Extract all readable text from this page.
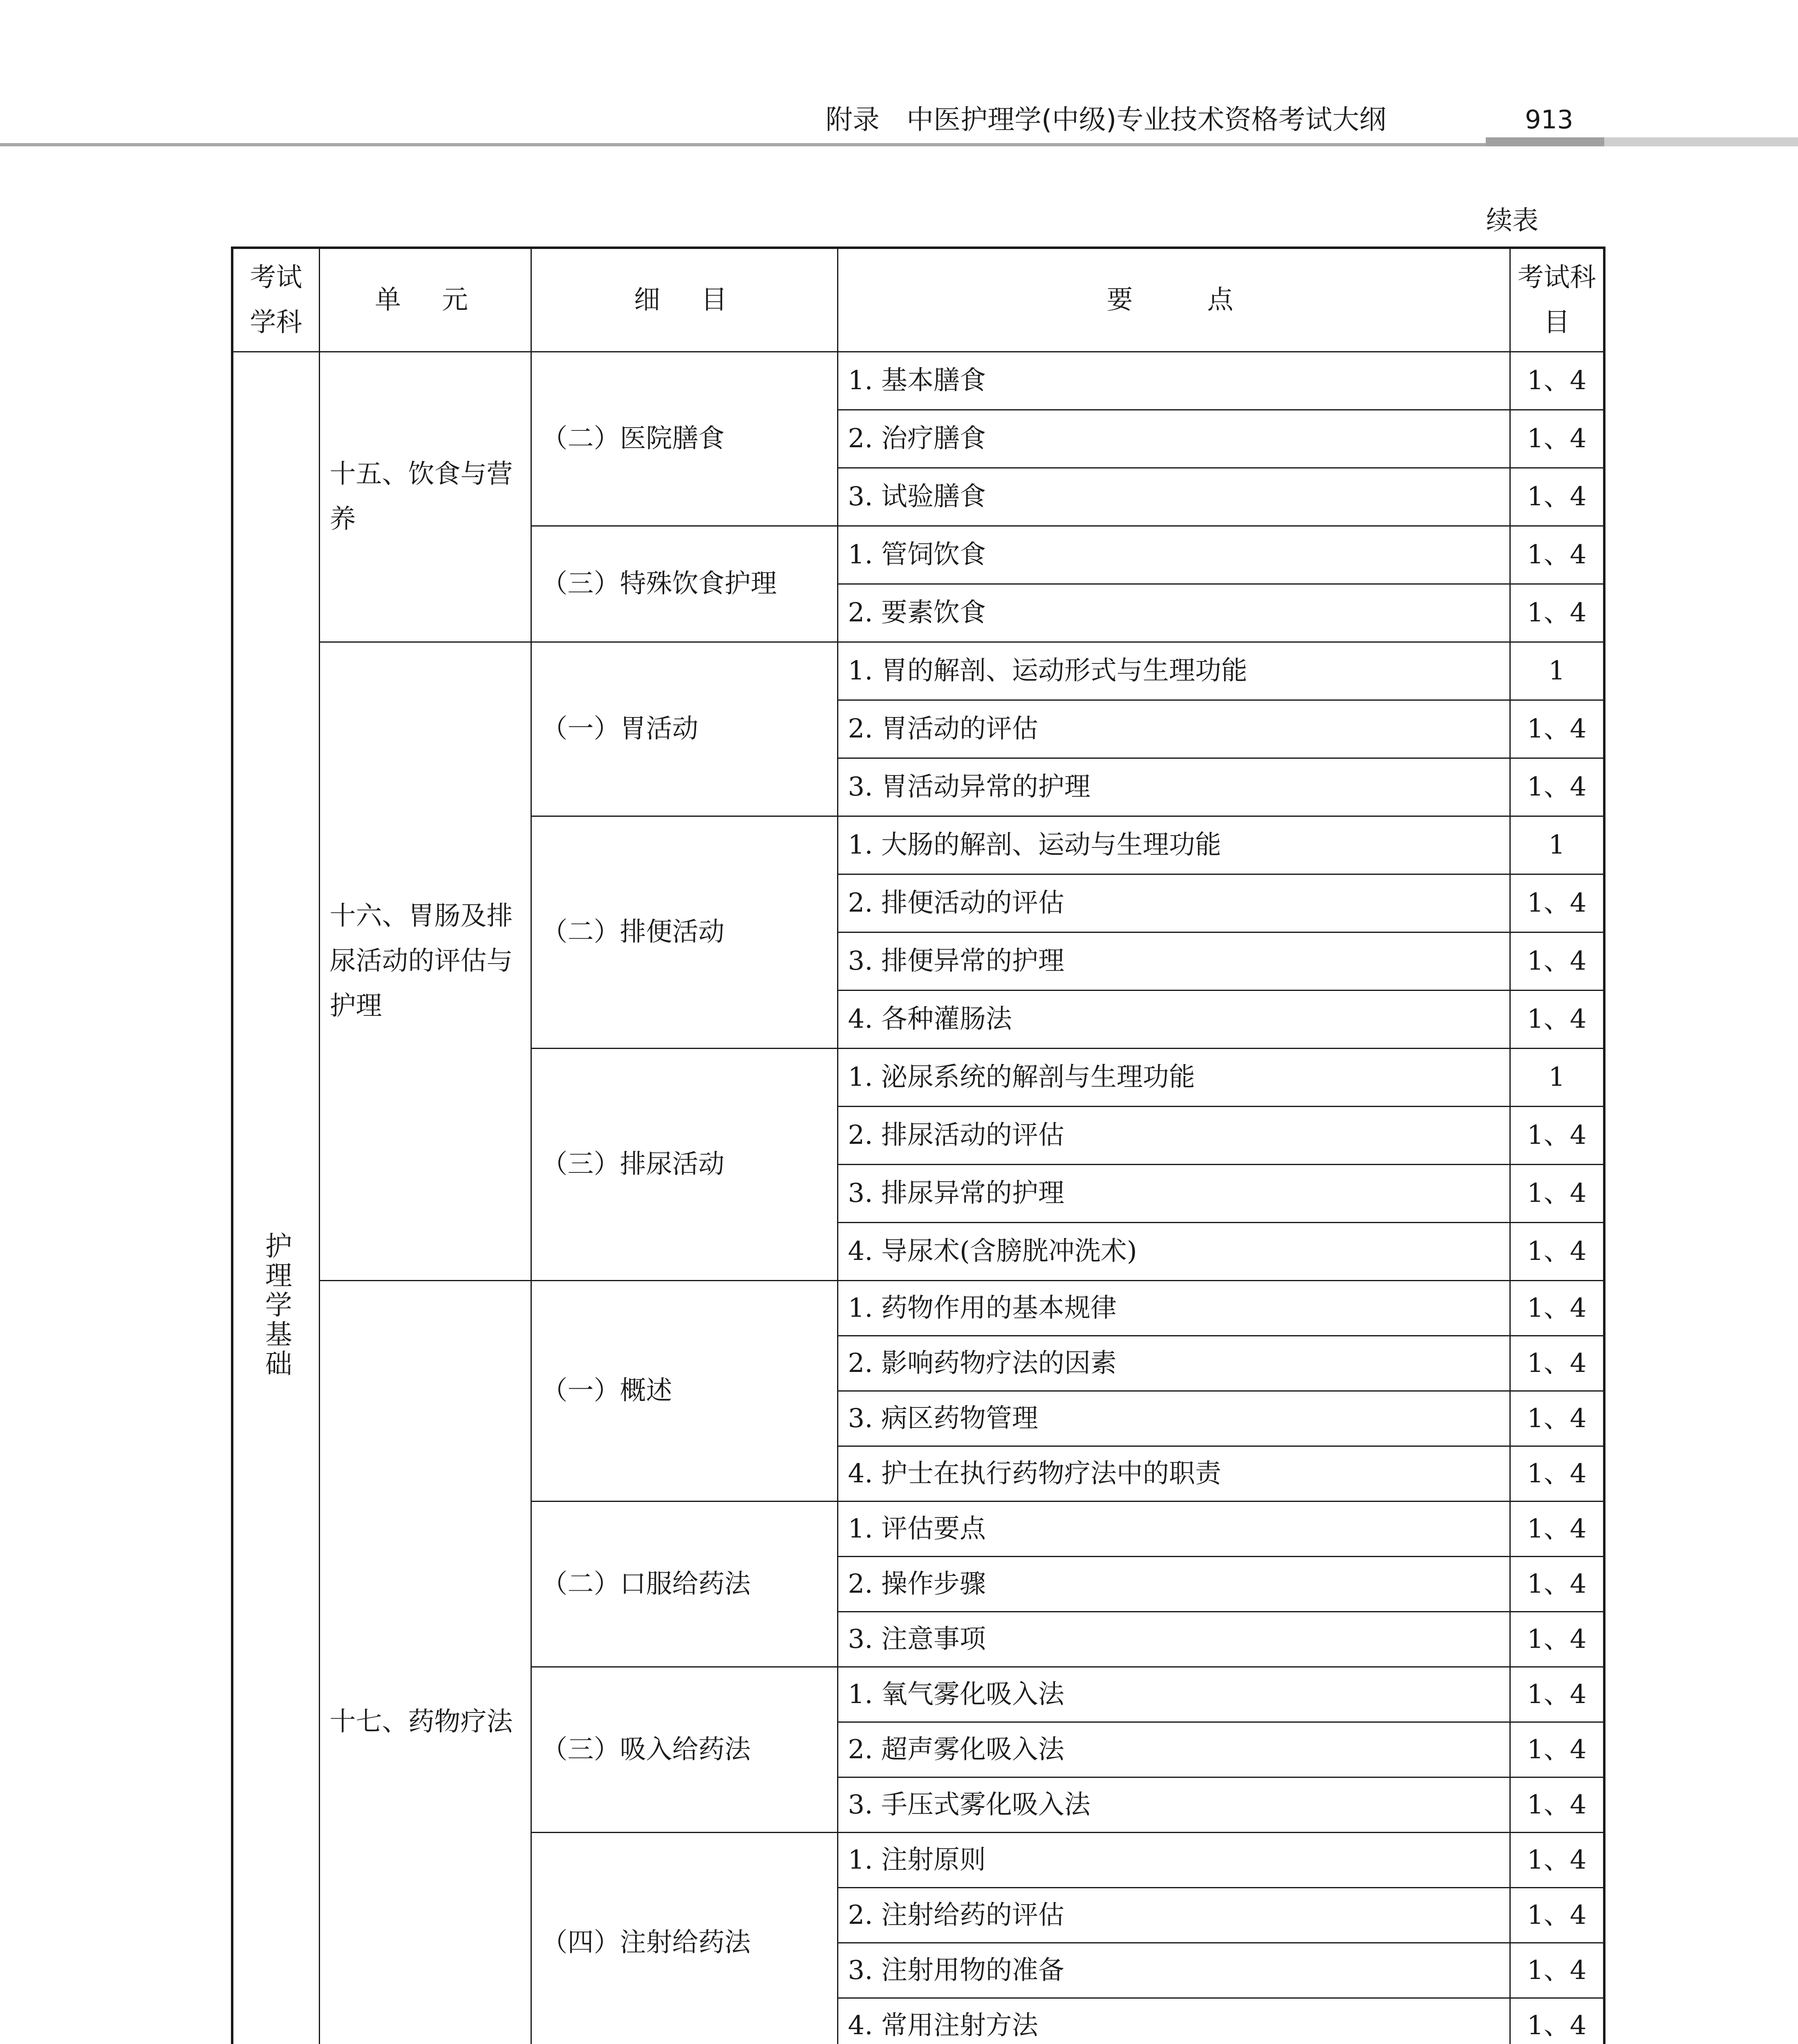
附录　中医护理学(中级)专业技术资格考试大纲	913
续表
考试学科	单　元	细　目	要　　点	考试科目
护理学基础	十五、饮食与营养	（二）医院膳食	1. 基本膳食	1、4
			2. 治疗膳食	1、4
			3. 试验膳食	1、4
		（三）特殊饮食护理	1. 管饲饮食	1、4
			2. 要素饮食	1、4
	十六、胃肠及排尿活动的评估与护理	（一）胃活动	1. 胃的解剖、运动形式与生理功能	1
			2. 胃活动的评估	1、4
			3. 胃活动异常的护理	1、4
		（二）排便活动	1. 大肠的解剖、运动与生理功能	1
			2. 排便活动的评估	1、4
			3. 排便异常的护理	1、4
			4. 各种灌肠法	1、4
		（三）排尿活动	1. 泌尿系统的解剖与生理功能	1
			2. 排尿活动的评估	1、4
			3. 排尿异常的护理	1、4
			4. 导尿术(含膀胱冲洗术)	1、4
	十七、药物疗法	（一）概述	1. 药物作用的基本规律	1、4
			2. 影响药物疗法的因素	1、4
			3. 病区药物管理	1、4
			4. 护士在执行药物疗法中的职责	1、4
		（二）口服给药法	1. 评估要点	1、4
			2. 操作步骤	1、4
			3. 注意事项	1、4
		（三）吸入给药法	1. 氧气雾化吸入法	1、4
			2. 超声雾化吸入法	1、4
			3. 手压式雾化吸入法	1、4
		（四）注射给药法	1. 注射原则	1、4
			2. 注射给药的评估	1、4
			3. 注射用物的准备	1、4
			4. 常用注射方法	1、4
